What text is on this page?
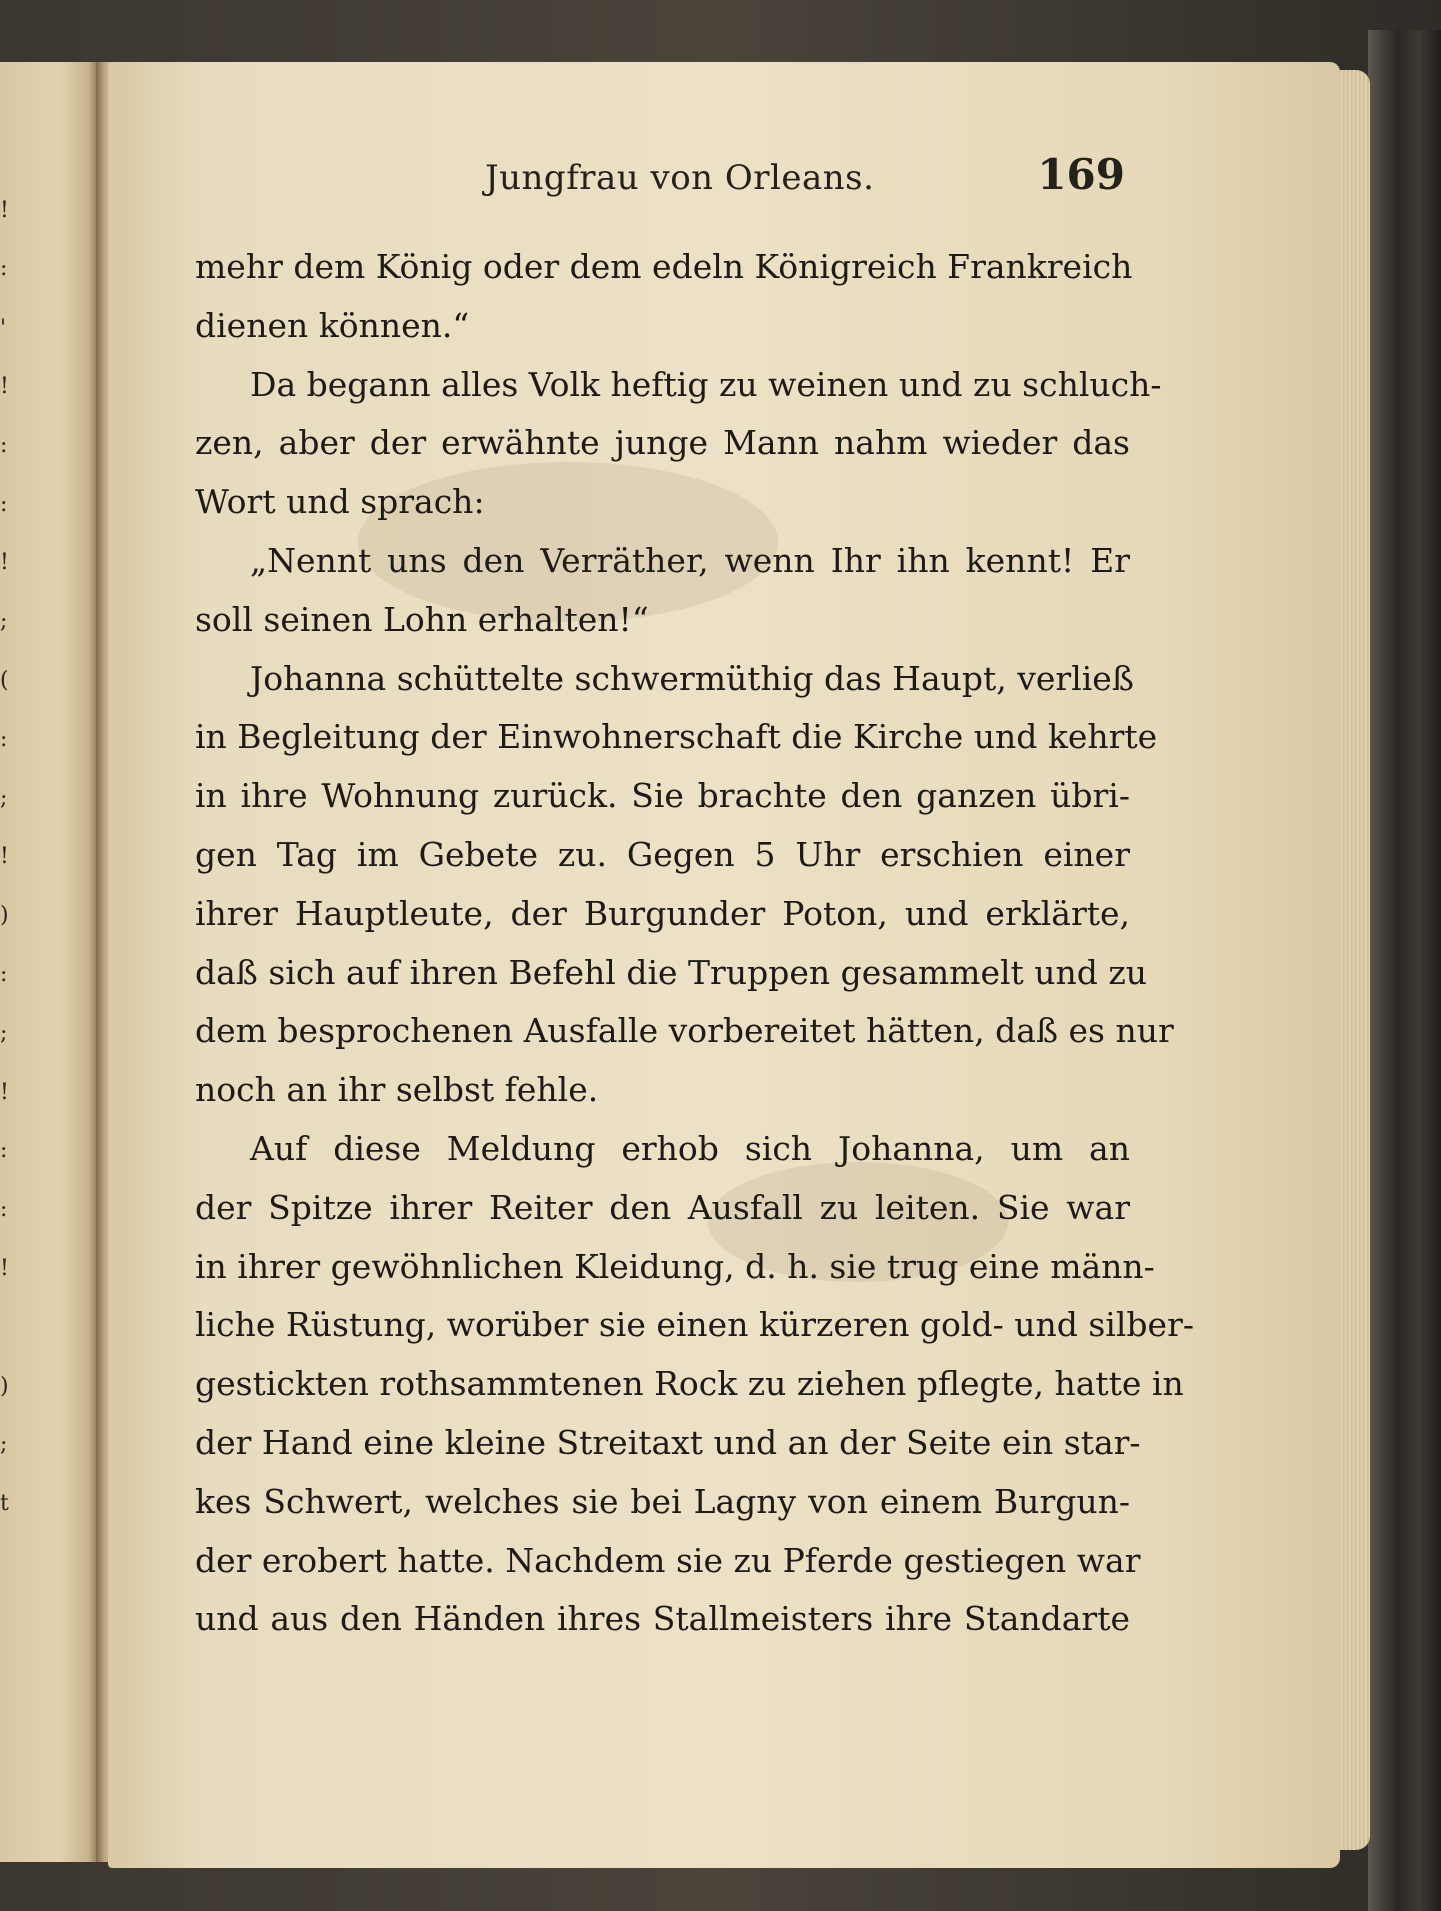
!
:
'
!
:
:
!
;
(
:
;
!
)
:
;
!
:
:
!
)
;
t
Jungfrau von Orleans.	169
mehr dem König oder dem edeln Königreich Frankreich
dienen können.“
Da begann alles Volk heftig zu weinen und zu schluch-
zen, aber der erwähnte junge Mann nahm wieder das
Wort und sprach:
„Nennt uns den Verräther, wenn Ihr ihn kennt! Er
soll seinen Lohn erhalten!“
Johanna schüttelte schwermüthig das Haupt, verließ
in Begleitung der Einwohnerschaft die Kirche und kehrte
in ihre Wohnung zurück. Sie brachte den ganzen übri-
gen Tag im Gebete zu. Gegen 5 Uhr erschien einer
ihrer Hauptleute, der Burgunder Poton, und erklärte,
daß sich auf ihren Befehl die Truppen gesammelt und zu
dem besprochenen Ausfalle vorbereitet hätten, daß es nur
noch an ihr selbst fehle.
Auf diese Meldung erhob sich Johanna, um an
der Spitze ihrer Reiter den Ausfall zu leiten. Sie war
in ihrer gewöhnlichen Kleidung, d. h. sie trug eine männ-
liche Rüstung, worüber sie einen kürzeren gold- und silber-
gestickten rothsammtenen Rock zu ziehen pflegte, hatte in
der Hand eine kleine Streitaxt und an der Seite ein star-
kes Schwert, welches sie bei Lagny von einem Burgun-
der erobert hatte. Nachdem sie zu Pferde gestiegen war
und aus den Händen ihres Stallmeisters ihre Standarte
